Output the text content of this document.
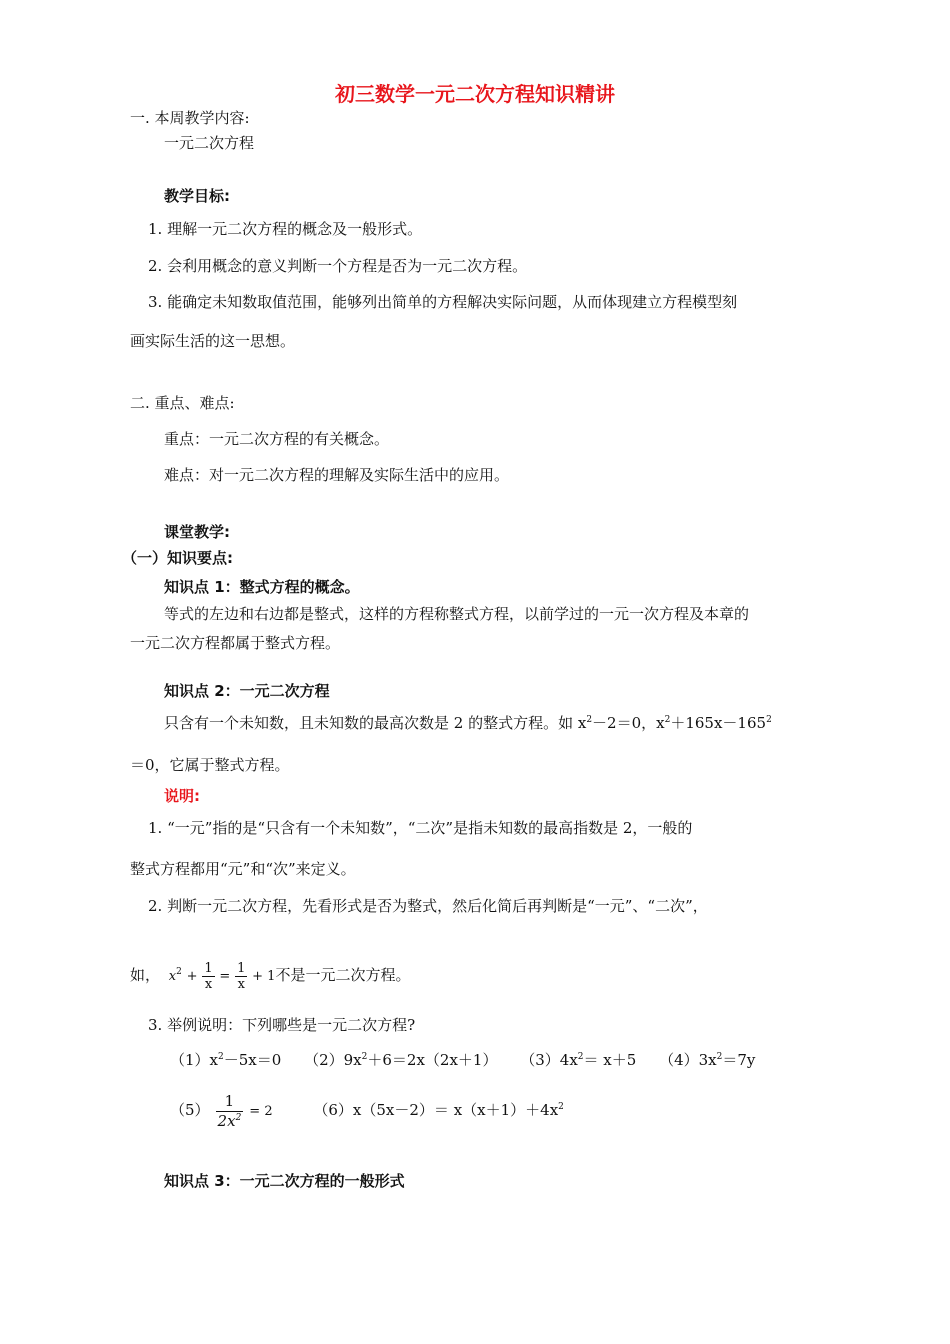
初三数学一元二次方程知识精讲
一. 本周教学内容:
一元二次方程
教学目标:
1. 理解一元二次方程的概念及一般形式。
2. 会利用概念的意义判断一个方程是否为一元二次方程。
3. 能确定未知数取值范围，能够列出简单的方程解决实际问题，从而体现建立方程模型刻
画实际生活的这一思想。
二. 重点、难点:
重点：一元二次方程的有关概念。
难点：对一元二次方程的理解及实际生活中的应用。
课堂教学:
（一）知识要点:
知识点 1：整式方程的概念。
等式的左边和右边都是整式，这样的方程称整式方程，以前学过的一元一次方程及本章的
一元二次方程都属于整式方程。
知识点 2：一元二次方程
只含有一个未知数，且未知数的最高次数是 2 的整式方程。如 $x^2-2=0$，$x^2+165x-165^2$
＝0，它属于整式方程。
说明:
1. “一元”指的是“只含有一个未知数”，“二次”是指未知数的最高指数是 2，一般的
整式方程都用“元”和“次”来定义。
2. 判断一元二次方程，先看形式是否为整式，然后化简后再判断是“一元”、“二次”，
如， $x^2 + \frac{1}{x} = \frac{1}{x} + 1$不是一元二次方程。
3. 举例说明：下列哪些是一元二次方程?
$(1)x^2-5x=0$ $(2)9x^2+6=2x(2x+1)$ $(3)4x^2= x+5$ $(4)3x^2=7y$
$(5) \frac{1}{2x^2} = 2$	$(6)x(5x-2)= x(x+1)+4x^2$
知识点 3：一元二次方程的一般形式
